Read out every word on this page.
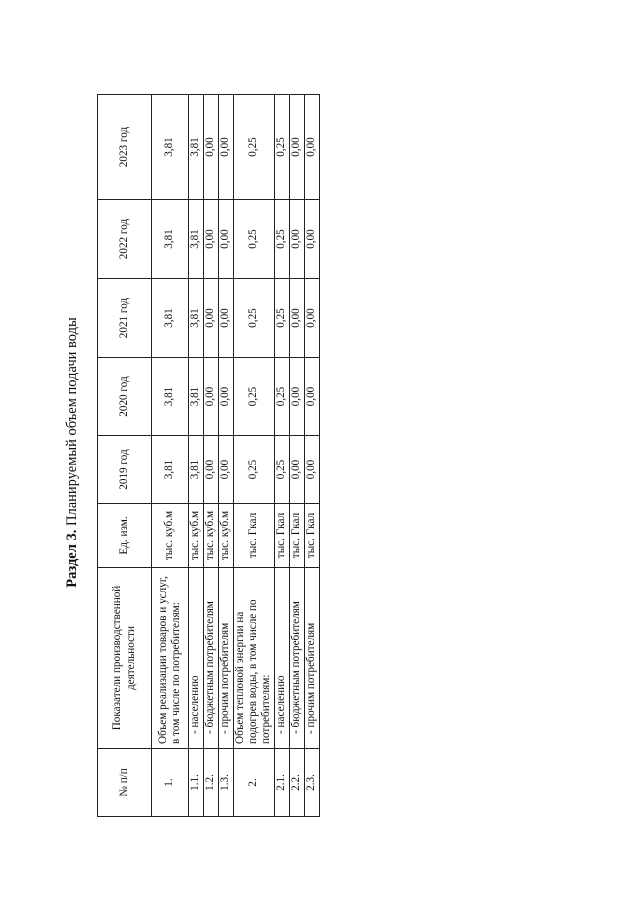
Раздел 3. Планируемый объем подачи воды
№ п/п	Показатели производственной деятельности	Ед. изм.	2019 год	2020 год	2021 год	2022 год	2023 год
1.	Объем реализации товаров и услуг, в том числе по потребителям:	тыс. куб.м	3,81	3,81	3,81	3,81	3,81
1.1.	- населению	тыс. куб.м	3,81	3,81	3,81	3,81	3,81
1.2.	- бюджетным потребителям	тыс. куб.м	0,00	0,00	0,00	0,00	0,00
1.3.	- прочим потребителям	тыс. куб.м	0,00	0,00	0,00	0,00	0,00
2.	Объем тепловой энергии на подогрев воды, в том числе по потребителям:	тыс. Гкал	0,25	0,25	0,25	0,25	0,25
2.1.	- населению	тыс. Гкал	0,25	0,25	0,25	0,25	0,25
2.2.	- бюджетным потребителям	тыс. Гкал	0,00	0,00	0,00	0,00	0,00
2.3.	- прочим потребителям	тыс. Гкал	0,00	0,00	0,00	0,00	0,00
